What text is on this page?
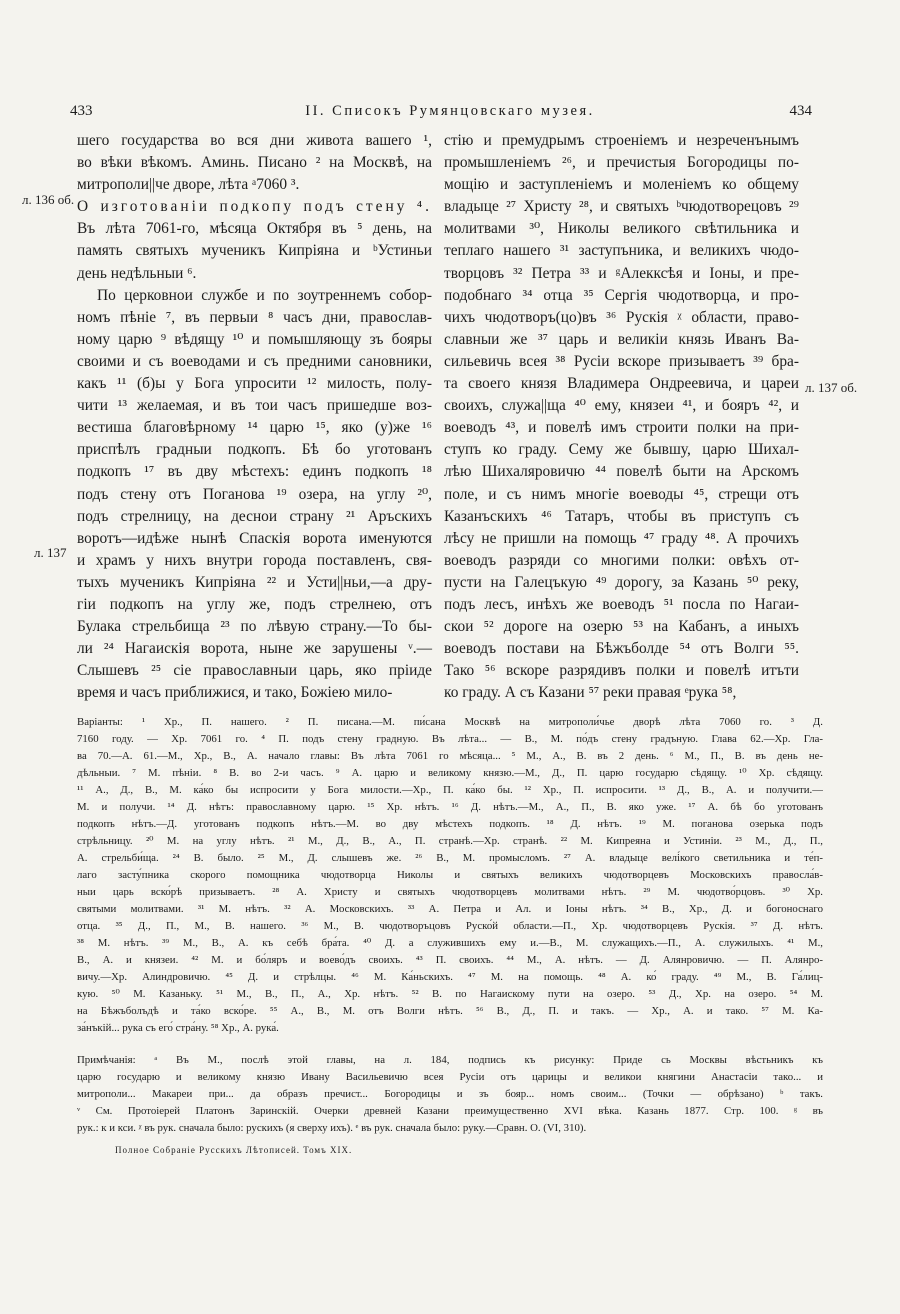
433	II. Списокъ Румянцовскаго музея.	434
л. 136 об.
л. 137
л. 137 об.
шего государства во вся дни живота вашего ¹,
во вѣки вѣкомъ. Аминь. Писано ² на Москвѣ, на
митрополи||че дворе, лѣта ᵃ7060 ³.
О изготованіи подкопу подъ стену ⁴.
Въ лѣта 7061-го, мѣсяца Октября въ ⁵ день, на
память святыхъ мученикъ Кипріяна и ᵇУстиньи
день недѣльныи ⁶.
По церковнои службе и по зоутреннемъ собор-
номъ пѣніе ⁷, въ первыи ⁸ часъ дни, православ-
ному царю ⁹ вѣдящу ¹⁰ и помышляющу зъ бояры
своими и съ воеводами и съ предними сановники,
какъ ¹¹ (б)ы у Бога упросити ¹² милость, полу-
чити ¹³ желаемая, и въ тои часъ пришедше воз-
вестиша благовѣрному ¹⁴ царю ¹⁵, яко (у)же ¹⁶
приспѣлъ градныи подкопъ. Бѣ бо уготованъ
подкопъ ¹⁷ въ дву мѣстехъ: единъ подкопъ ¹⁸
подъ стену отъ Поганова ¹⁹ озера, на углу ²⁰,
подъ стрелницу, на деснои страну ²¹ Аръскихъ
воротъ—идѣже нынѣ Спаскія ворота именуются
и храмъ у нихъ внутри города поставленъ, свя-
тыхъ мученикъ Кипріяна ²² и Усти||ньи,—а дру-
гіи подкопъ на углу же, подъ стрелнею, отъ
Булака стрельбища ²³ по лѣвую страну.—То бы-
ли ²⁴ Нагаискія ворота, ныне же зарушены ᵛ.—
Слышевъ ²⁵ сіе православныи царь, яко пріиде
время и часъ приближися, и тако, Божіею мило-
стію и премудрымъ строеніемъ и незреченънымъ
промышленіемъ ²⁶, и пречистыя Богородицы по-
мощію и заступленіемъ и моленіемъ ко общему
владыце ²⁷ Христу ²⁸, и святыхъ ᵇчюдотворецовъ ²⁹
молитвами ³⁰, Николы великого свѣтильника и
теплаго нашего ³¹ заступъника, и великихъ чюдо-
творцовъ ³² Петра ³³ и ᵍАлекксѣя и Іоны, и пре-
подобнаго ³⁴ отца ³⁵ Сергія чюдотворца, и про-
чихъ чюдотворъ(цо)въ ³⁶ Рускія ᵡ области, право-
славныи же ³⁷ царь и великіи князь Иванъ Ва-
сильевичь всея ³⁸ Русіи вскоре призываетъ ³⁹ бра-
та своего князя Владимера Ондреевича, и цареи
своихъ, служа||ща ⁴⁰ ему, князеи ⁴¹, и бояръ ⁴², и
воеводъ ⁴³, и повелѣ имъ строити полки на при-
ступъ ко граду. Сему же бывшу, царю Шихал-
лѣю Шихаляровичю ⁴⁴ повелѣ быти на Арскомъ
поле, и съ нимъ многіе воеводы ⁴⁵, стрещи отъ
Казанъскихъ ⁴⁶ Татаръ, чтобы въ приступъ съ
лѣсу не пришли на помощь ⁴⁷ граду ⁴⁸. А прочихъ
воеводъ разряди со многими полки: овѣхъ от-
пусти на Галецъкую ⁴⁹ дорогу, за Казань ⁵⁰ реку,
подъ лесъ, инѣхъ же воеводъ ⁵¹ посла по Нагаи-
скои ⁵² дороге на озерю ⁵³ на Кабанъ, а иныхъ
воеводъ постави на Бѣжъболде ⁵⁴ отъ Волги ⁵⁵.
Тако ⁵⁶ вскоре разрядивъ полки и повелѣ итъти
ко граду. А съ Казани ⁵⁷ реки правая ᵉрука ⁵⁸,
Варіанты: ¹ Хр., П. нашего. ² П. писана.—М. пи́сана Москвѣ на митрополи́чье дворѣ лѣта 7060 го. ³ Д.
7160 году. — Хр. 7061 го. ⁴ П. подъ стену градную. Въ лѣта... — В., М. по́дъ стену градъную. Глава 62.—Хр. Гла-
ва 70.—А. 61.—М., Хр., В., А. начало главы: Въ лѣта 7061 го мѣсяца... ⁵ М., А., В. въ 2 день. ⁶ М., П., В. въ день не-
дѣльныи. ⁷ М. пѣніи. ⁸ В. во 2-и часъ. ⁹ А. царю и великому князю.—М., Д., П. царю государю сѣдящу. ¹⁰ Хр. сѣдящу.
¹¹ А., Д., В., М. ка́ко бы испросити у Бога милости.—Хр., П. ка́ко бы. ¹² Хр., П. испросити. ¹³ Д., В., А. и получити.—
М. и получи. ¹⁴ Д. нѣтъ: православному царю. ¹⁵ Хр. нѣтъ. ¹⁶ Д. нѣтъ.—М., А., П., В. яко уже. ¹⁷ А. бѣ бо уготованъ
подкопъ нѣтъ.—Д. уготованъ подкопъ нѣтъ.—М. во дву мѣстехъ подкопъ. ¹⁸ Д. нѣтъ. ¹⁹ М. поганова озерька подъ
стрѣльницу. ²⁰ М. на углу нѣтъ. ²¹ М., Д., В., А., П. странѣ.—Хр. странѣ. ²² М. Кипреяна и Устиніи. ²³ М., Д., П.,
А. стрельби́ща. ²⁴ В. было. ²⁵ М., Д. слышевъ же. ²⁶ В., М. промысломъ. ²⁷ А. владыце велі́кого светильника и те́п-
лаго засту́пника скорого помощника чюдотворца Николы и святыхъ великихъ чюдотворцевъ Московскихъ правосла́в-
ныи царь вско́рѣ призываетъ. ²⁸ А. Христу и святыхъ чюдотворцевъ молитвами нѣтъ. ²⁹ М. чюдотво́рцовъ. ³⁰ Хр.
святыми молитвами. ³¹ М. нѣтъ. ³² А. Московскихъ. ³³ А. Петра и Ал. и Іоны нѣтъ. ³⁴ В., Хр., Д. и богоноснаго
отца. ³⁵ Д., П., М., В. нашего. ³⁶ М., В. чюдотворъцовъ Руско́й области.—П., Хр. чюдотворцевъ Рускія. ³⁷ Д. нѣтъ.
³⁸ М. нѣтъ. ³⁹ М., В., А. къ себѣ бра́та. ⁴⁰ Д. а служившихъ ему и.—В., М. служащихъ.—П., А. служилыхъ. ⁴¹ М.,
В., А. и князеи. ⁴² М. и бо́ляръ и воево́дъ своихъ. ⁴³ П. своихъ. ⁴⁴ М., А. нѣтъ. — Д. Алянровичю. — П. Алянро-
вичу.—Хр. Алиндровичю. ⁴⁵ Д. и стрѣлцы. ⁴⁶ М. Ка́ньскихъ. ⁴⁷ М. на помощь. ⁴⁸ А. ко́ граду. ⁴⁹ М., В. Га́лиц-
кую. ⁵⁰ М. Казаньку. ⁵¹ М., В., П., А., Хр. нѣтъ. ⁵² В. по Нагаискому пути на озеро. ⁵³ Д., Хр. на озеро. ⁵⁴ М.
на Бѣжъболъдѣ и та́ко вско́ре. ⁵⁵ А., В., М. отъ Волги нѣтъ. ⁵⁶ В., Д., П. и такъ. — Хр., А. и тако. ⁵⁷ М. Ка-
за́нъкій... рука съ его́ стра́ну. ⁵⁸ Хр., А. рука́.
Примѣчанія: ᵃ Въ М., послѣ этой главы, на л. 184, подпись къ рисунку: Приде сь Москвы вѣстьникъ къ
царю государю и великому князю Ивану Васильевичю всея Русіи отъ царицы и великои княгини Анастасіи тако... и
митрополи... Макареи при... да образъ пречист... Богородицы и зъ бояр... номъ своим... (Точки — обрѣзано) ᵇ такъ.
ᵛ См. Протоіерей Платонъ Заринскій. Очерки древней Казани преимущественно XVI вѣка. Казань 1877. Стр. 100. ᵍ въ
рук.: к и кси. ᵡ въ рук. сначала было: рускихъ (я сверху ихъ). ᵉ въ рук. сначала было: руку.—Сравн. О. (VI, 310).
Полное Собраніе Русскихъ Лѣтописей. Томъ XIX.
